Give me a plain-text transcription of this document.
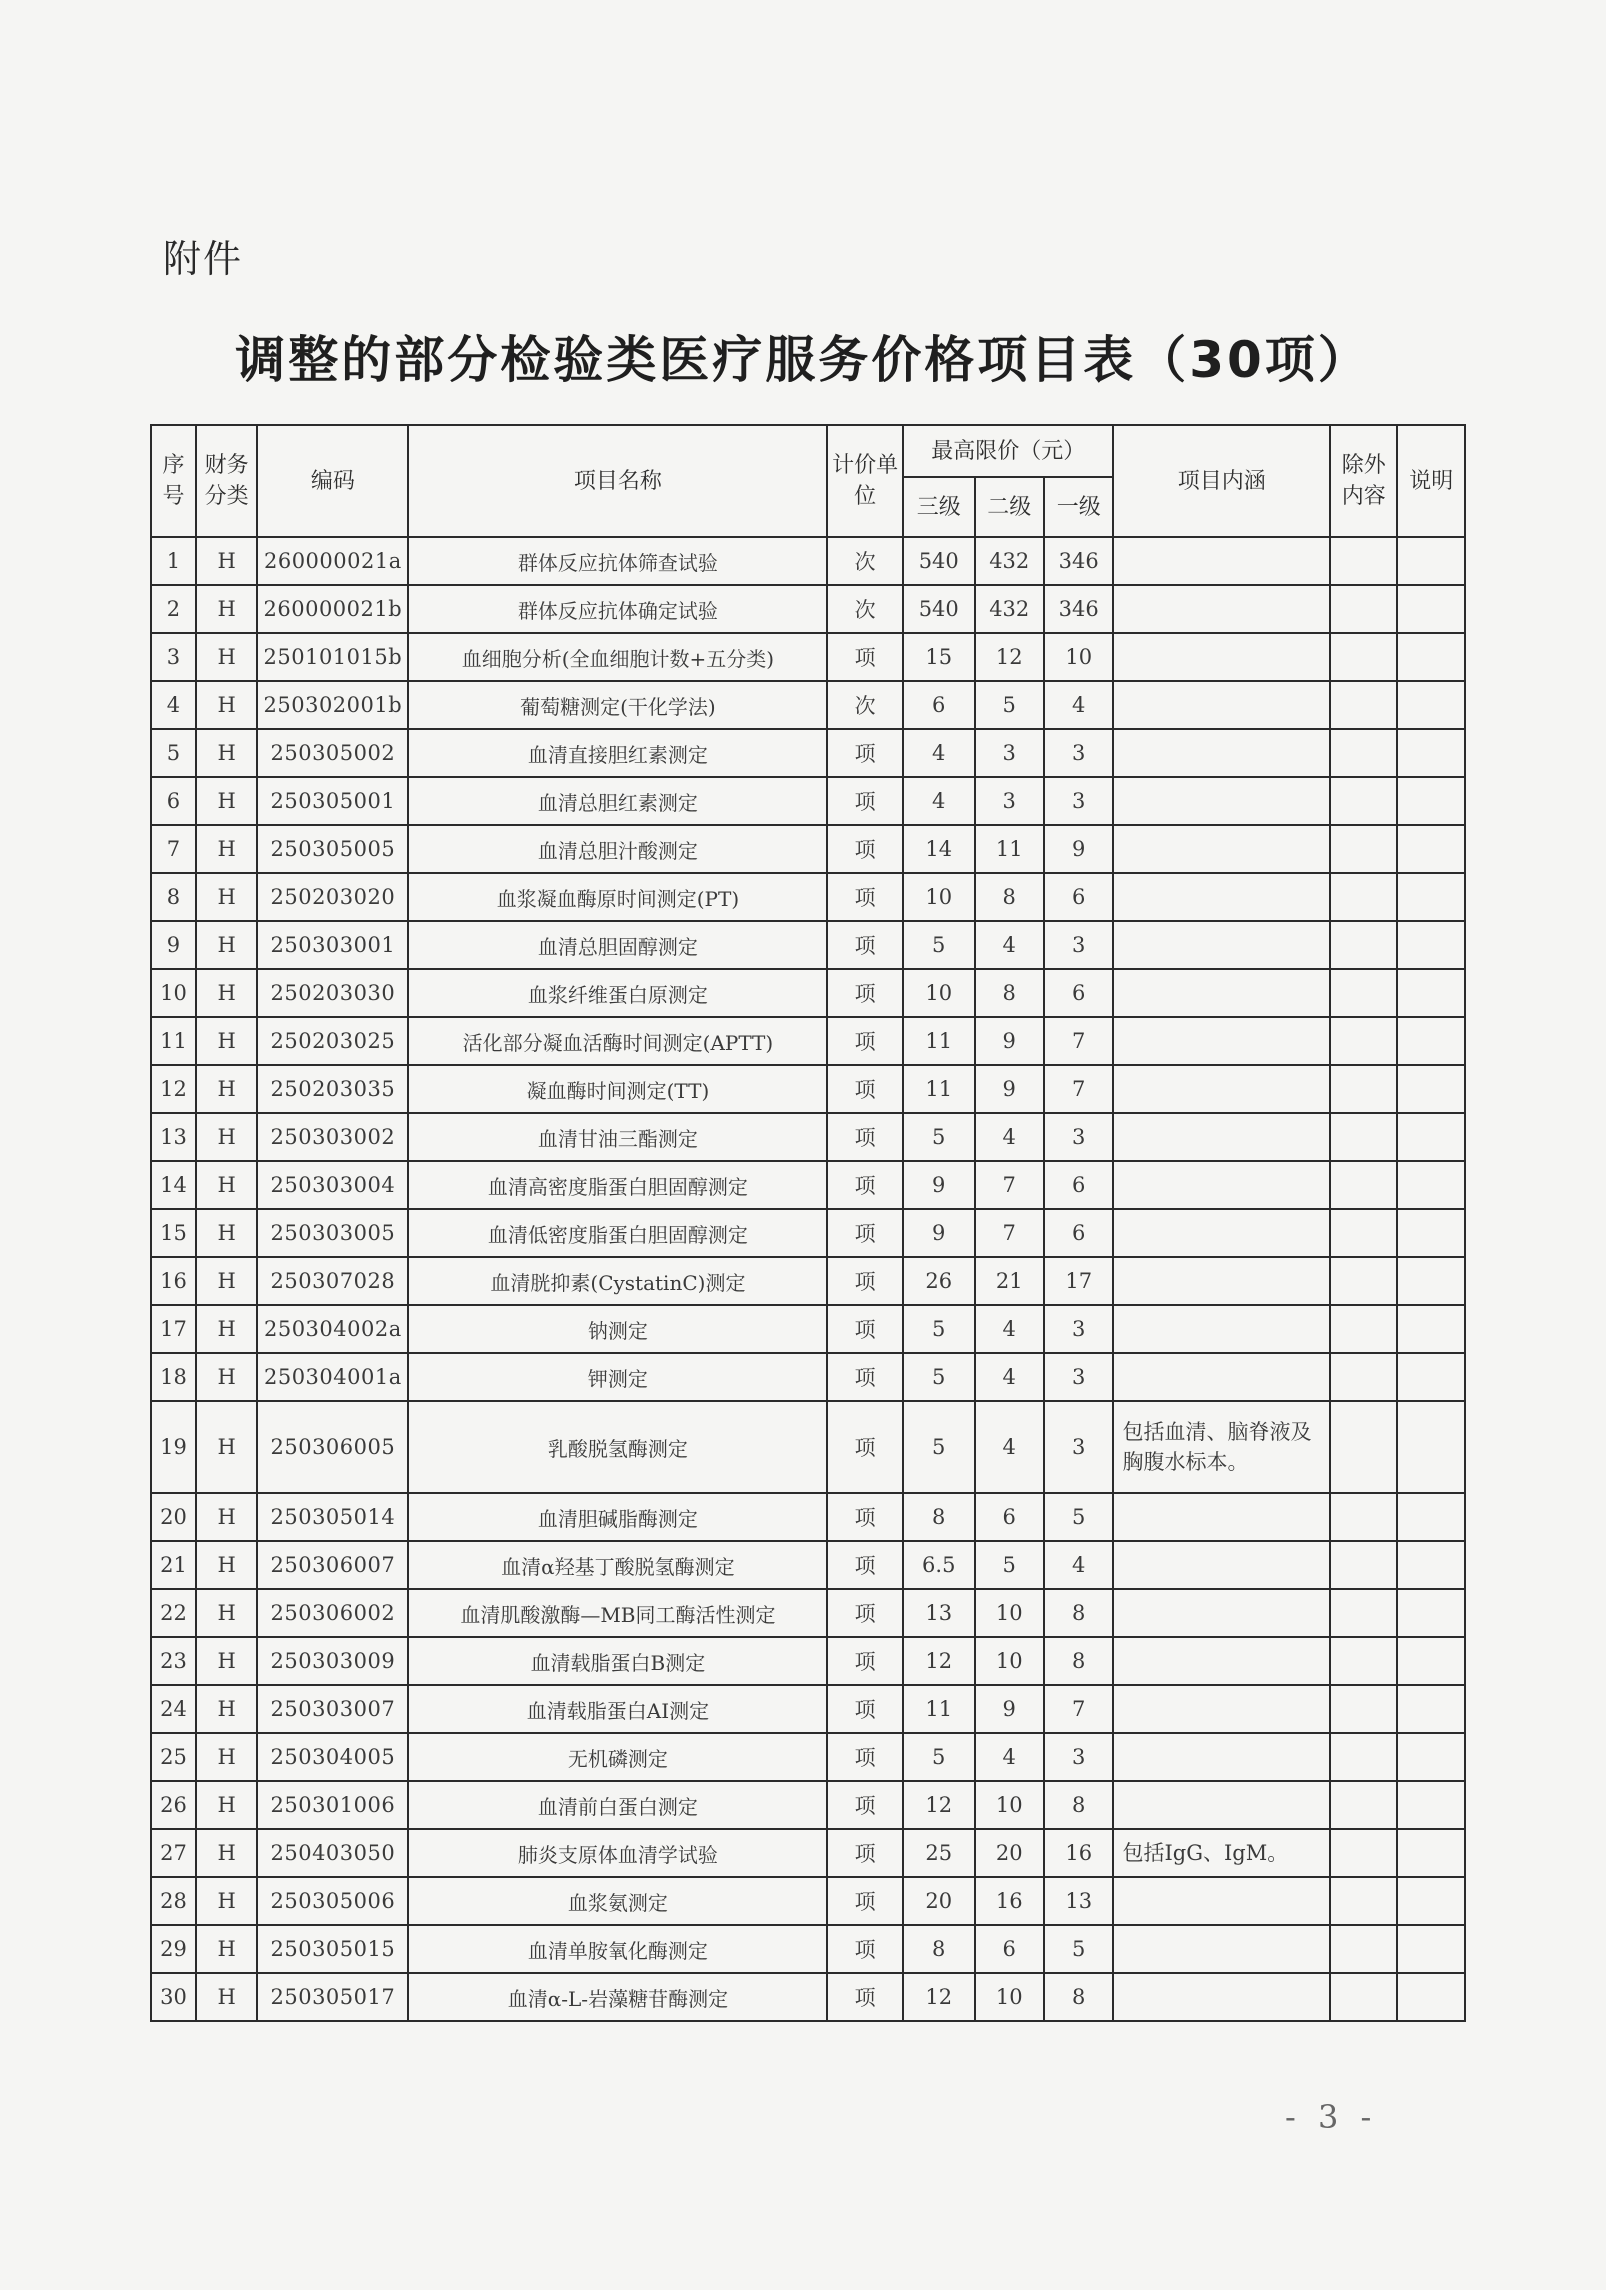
附件
调整的部分检验类医疗服务价格项目表（30项）
序号	财务分类	编码	项目名称	计价单位	最高限价（元）			项目内涵	除外内容	说明
					三级	二级	一级			
1	H	260000021a	群体反应抗体筛查试验	次	540	432	346			
2	H	260000021b	群体反应抗体确定试验	次	540	432	346			
3	H	250101015b	血细胞分析(全血细胞计数+五分类)	项	15	12	10			
4	H	250302001b	葡萄糖测定(干化学法)	次	6	5	4			
5	H	250305002	血清直接胆红素测定	项	4	3	3			
6	H	250305001	血清总胆红素测定	项	4	3	3			
7	H	250305005	血清总胆汁酸测定	项	14	11	9			
8	H	250203020	血浆凝血酶原时间测定(PT)	项	10	8	6			
9	H	250303001	血清总胆固醇测定	项	5	4	3			
10	H	250203030	血浆纤维蛋白原测定	项	10	8	6			
11	H	250203025	活化部分凝血活酶时间测定(APTT)	项	11	9	7			
12	H	250203035	凝血酶时间测定(TT)	项	11	9	7			
13	H	250303002	血清甘油三酯测定	项	5	4	3			
14	H	250303004	血清高密度脂蛋白胆固醇测定	项	9	7	6			
15	H	250303005	血清低密度脂蛋白胆固醇测定	项	9	7	6			
16	H	250307028	血清胱抑素(CystatinC)测定	项	26	21	17			
17	H	250304002a	钠测定	项	5	4	3			
18	H	250304001a	钾测定	项	5	4	3			
19	H	250306005	乳酸脱氢酶测定	项	5	4	3	包括血清、脑脊液及胸腹水标本。		
20	H	250305014	血清胆碱脂酶测定	项	8	6	5			
21	H	250306007	血清α羟基丁酸脱氢酶测定	项	6.5	5	4			
22	H	250306002	血清肌酸激酶—MB同工酶活性测定	项	13	10	8			
23	H	250303009	血清载脂蛋白B测定	项	12	10	8			
24	H	250303007	血清载脂蛋白AⅠ测定	项	11	9	7			
25	H	250304005	无机磷测定	项	5	4	3			
26	H	250301006	血清前白蛋白测定	项	12	10	8			
27	H	250403050	肺炎支原体血清学试验	项	25	20	16	包括IgG、IgM。		
28	H	250305006	血浆氨测定	项	20	16	13			
29	H	250305015	血清单胺氧化酶测定	项	8	6	5			
30	H	250305017	血清α-L-岩藻糖苷酶测定	项	12	10	8			
- 3 -
